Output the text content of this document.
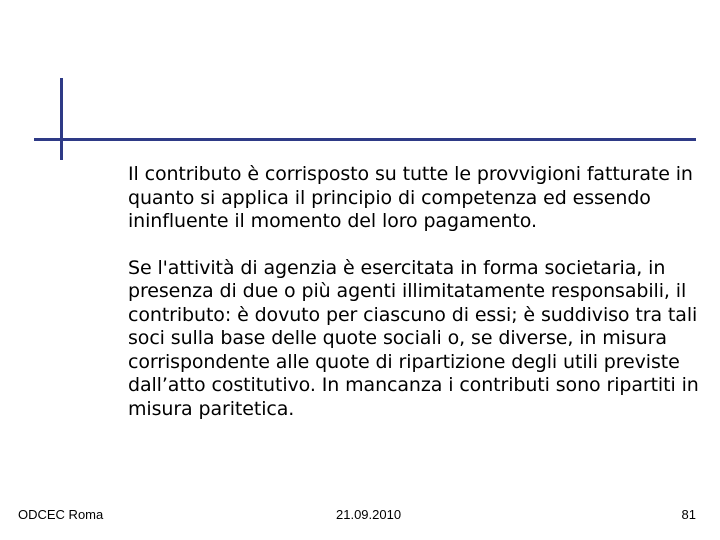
Il contributo è corrisposto su tutte le provvigioni fatturate in quanto si applica il principio di competenza ed essendo ininfluente il momento del loro pagamento.

Se l'attività di agenzia è esercitata in forma societaria, in presenza di due o più agenti illimitatamente responsabili, il contributo: è dovuto per ciascuno di essi; è suddiviso tra tali soci sulla base delle quote sociali o, se diverse, in misura corrispondente alle quote di ripartizione degli utili previste dall’atto costitutivo. In mancanza i contributi sono ripartiti in misura paritetica.

ODCEC Roma	21.09.2010	81
